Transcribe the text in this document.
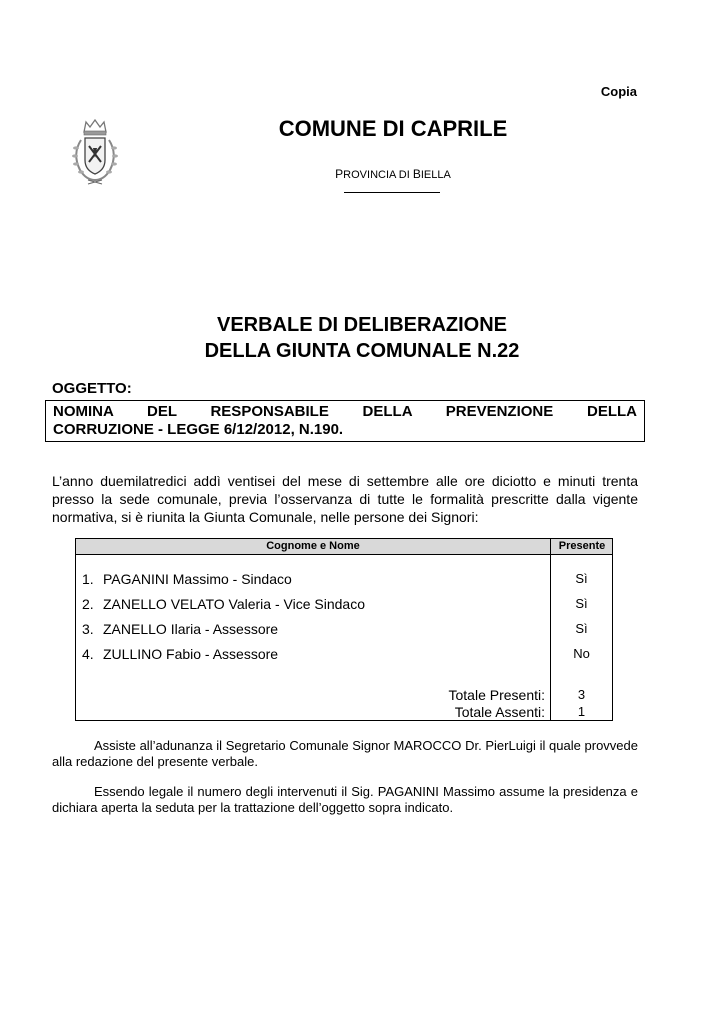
Copia
COMUNE DI CAPRILE
PROVINCIA DI BIELLA
VERBALE DI DELIBERAZIONE
DELLA GIUNTA COMUNALE N.22
OGGETTO:
NOMINA DEL RESPONSABILE DELLA PREVENZIONE DELLA
CORRUZIONE - LEGGE 6/12/2012, N.190.
L’anno duemilatredici addì ventisei del mese di settembre alle ore diciotto e minuti trenta presso la sede comunale, previa l’osservanza di tutte le formalità prescritte dalla vigente normativa, si è riunita la Giunta Comunale, nelle persone dei Signori:
Cognome e Nome	Presente
1. PAGANINI Massimo - Sindaco	Sì
2. ZANELLO VELATO Valeria - Vice Sindaco	Sì
3. ZANELLO Ilaria - Assessore	Sì
4. ZULLINO Fabio - Assessore	No
Totale Presenti:	3
Totale Assenti:	1
Assiste all’adunanza il Segretario Comunale Signor MAROCCO Dr. PierLuigi il quale provvede alla redazione del presente verbale.
Essendo legale il numero degli intervenuti il Sig. PAGANINI Massimo assume la presidenza e dichiara aperta la seduta per la trattazione dell’oggetto sopra indicato.
